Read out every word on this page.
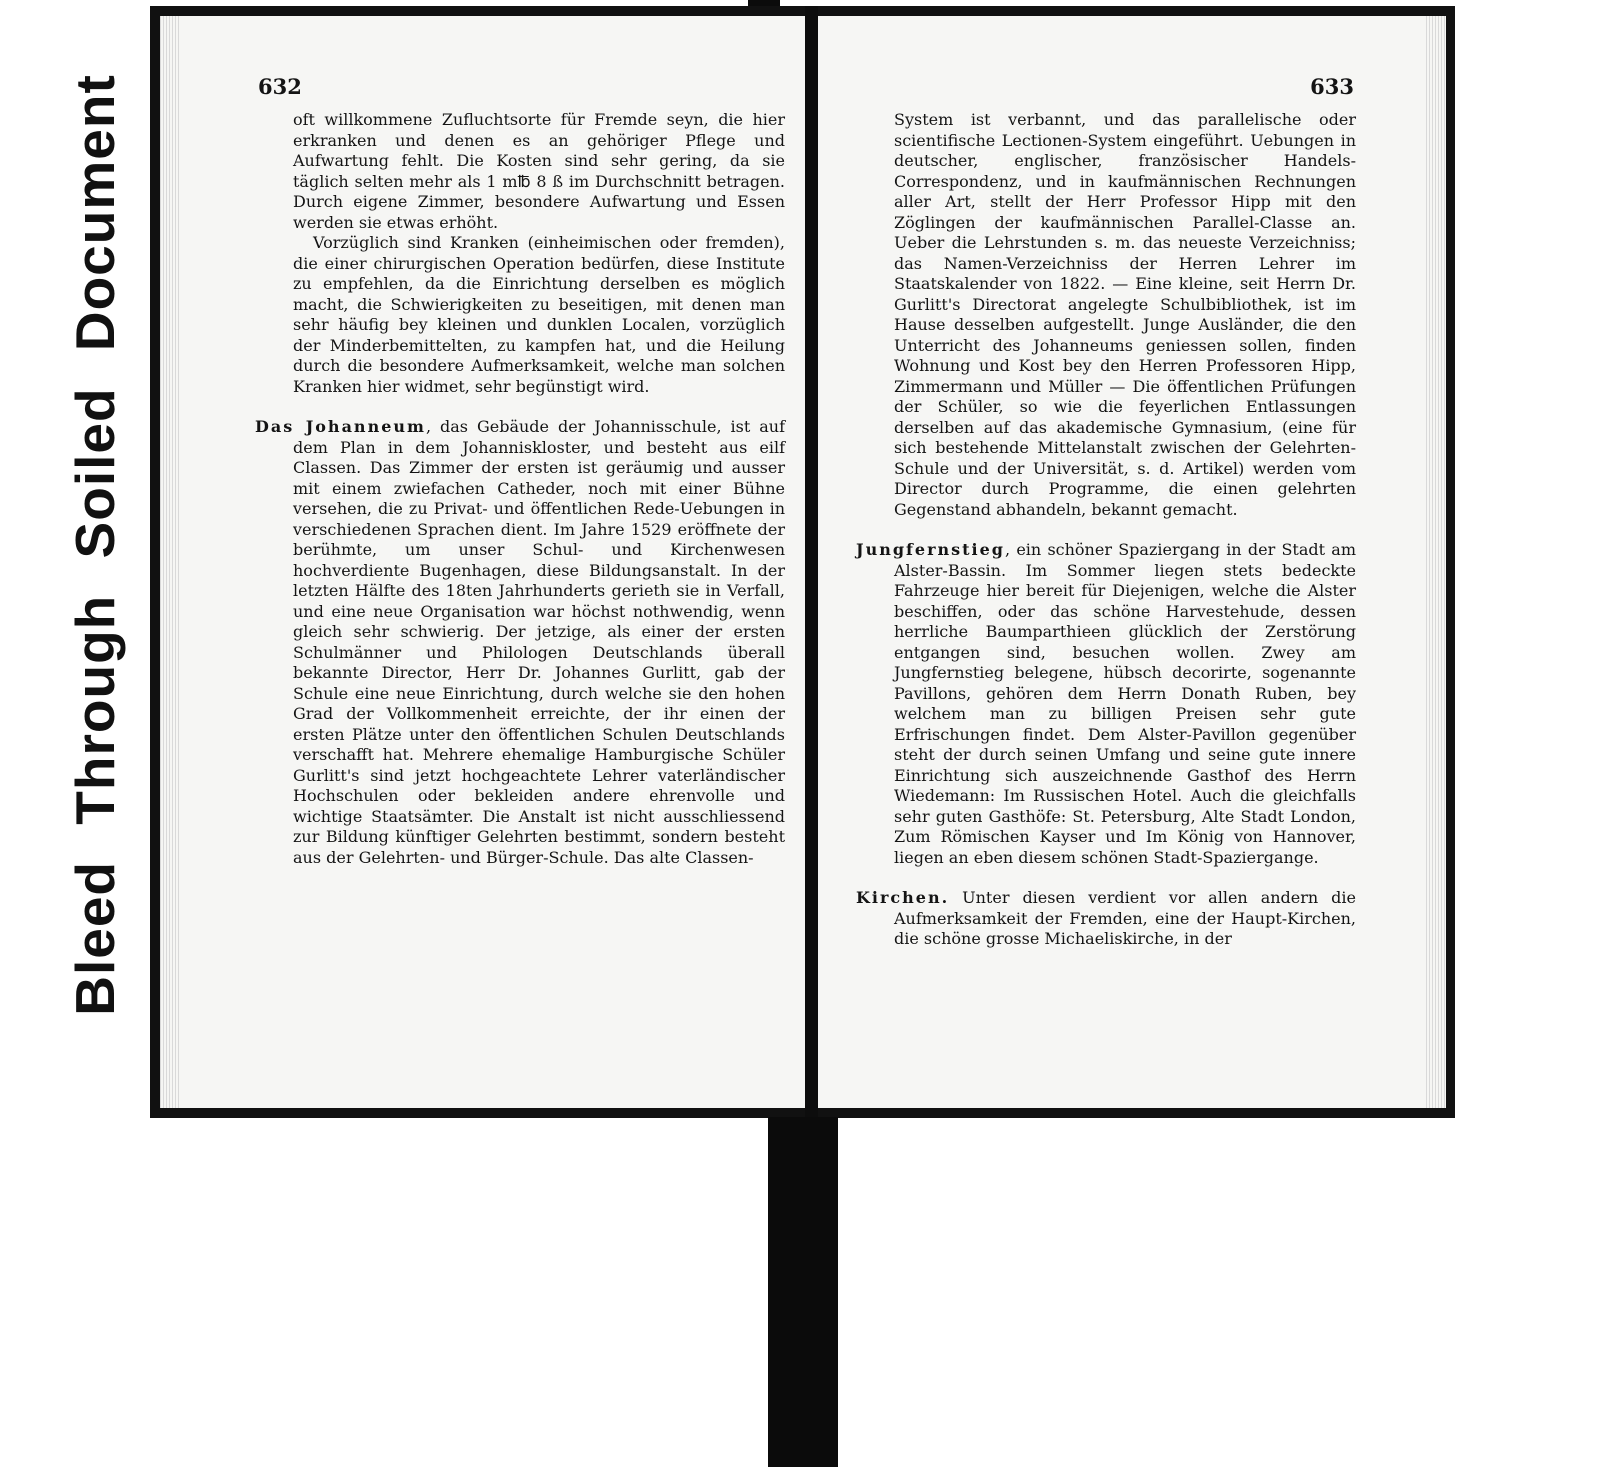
Bleed Through Soiled Document	632

oft willkommene Zufluchtsorte für Fremde seyn, die hier erkranken und denen es an gehöriger Pflege und Aufwartung fehlt. Die Kosten sind sehr gering, da sie täglich selten mehr als 1 m℔ 8 ß im Durchschnitt betragen. Durch eigene Zimmer, besondere Aufwartung und Essen werden sie etwas erhöht.

Vorzüglich sind Kranken (einheimischen oder fremden), die einer chirurgischen Operation bedürfen, diese Institute zu empfehlen, da die Einrichtung derselben es möglich macht, die Schwierigkeiten zu beseitigen, mit denen man sehr häufig bey kleinen und dunklen Localen, vorzüglich der Minderbemittelten, zu kampfen hat, und die Heilung durch die besondere Aufmerksamkeit, welche man solchen Kranken hier widmet, sehr begünstigt wird.

Das Johanneum, das Gebäude der Johannisschule, ist auf dem Plan in dem Johanniskloster, und besteht aus eilf Classen. Das Zimmer der ersten ist geräumig und ausser mit einem zwiefachen Catheder, noch mit einer Bühne versehen, die zu Privat- und öffentlichen Rede-Uebungen in verschiedenen Sprachen dient. Im Jahre 1529 eröffnete der berühmte, um unser Schul- und Kirchenwesen hochverdiente Bugenhagen, diese Bildungsanstalt. In der letzten Hälfte des 18ten Jahrhunderts gerieth sie in Verfall, und eine neue Organisation war höchst nothwendig, wenn gleich sehr schwierig. Der jetzige, als einer der ersten Schulmänner und Philologen Deutschlands überall bekannte Director, Herr Dr. Johannes Gurlitt, gab der Schule eine neue Einrichtung, durch welche sie den hohen Grad der Vollkommenheit erreichte, der ihr einen der ersten Plätze unter den öffentlichen Schulen Deutschlands verschafft hat. Mehrere ehemalige Hamburgische Schüler Gurlitt's sind jetzt hochgeachtete Lehrer vaterländischer Hochschulen oder bekleiden andere ehrenvolle und wichtige Staatsämter. Die Anstalt ist nicht ausschliessend zur Bildung künftiger Gelehrten bestimmt, sondern besteht aus der Gelehrten- und Bürger-Schule. Das alte Classen-

633

System ist verbannt, und das parallelische oder scientifische Lectionen-System eingeführt. Uebungen in deutscher, englischer, französischer Handels-Correspondenz, und in kaufmännischen Rechnungen aller Art, stellt der Herr Professor Hipp mit den Zöglingen der kaufmännischen Parallel-Classe an. Ueber die Lehrstunden s. m. das neueste Verzeichniss; das Namen-Verzeichniss der Herren Lehrer im Staatskalender von 1822. — Eine kleine, seit Herrn Dr. Gurlitt's Directorat angelegte Schulbibliothek, ist im Hause desselben aufgestellt. Junge Ausländer, die den Unterricht des Johanneums geniessen sollen, finden Wohnung und Kost bey den Herren Professoren Hipp, Zimmermann und Müller — Die öffentlichen Prüfungen der Schüler, so wie die feyerlichen Entlassungen derselben auf das akademische Gymnasium, (eine für sich bestehende Mittelanstalt zwischen der Gelehrten-Schule und der Universität, s. d. Artikel) werden vom Director durch Programme, die einen gelehrten Gegenstand abhandeln, bekannt gemacht.

Jungfernstieg, ein schöner Spaziergang in der Stadt am Alster-Bassin. Im Sommer liegen stets bedeckte Fahrzeuge hier bereit für Diejenigen, welche die Alster beschiffen, oder das schöne Harvestehude, dessen herrliche Baumparthieen glücklich der Zerstörung entgangen sind, besuchen wollen. Zwey am Jungfernstieg belegene, hübsch decorirte, sogenannte Pavillons, gehören dem Herrn Donath Ruben, bey welchem man zu billigen Preisen sehr gute Erfrischungen findet. Dem Alster-Pavillon gegenüber steht der durch seinen Umfang und seine gute innere Einrichtung sich auszeichnende Gasthof des Herrn Wiedemann: Im Russischen Hotel. Auch die gleichfalls sehr guten Gasthöfe: St. Petersburg, Alte Stadt London, Zum Römischen Kayser und Im König von Hannover, liegen an eben diesem schönen Stadt-Spaziergange.

Kirchen. Unter diesen verdient vor allen andern die Aufmerksamkeit der Fremden, eine der Haupt-Kirchen, die schöne grosse Michaeliskirche, in der
